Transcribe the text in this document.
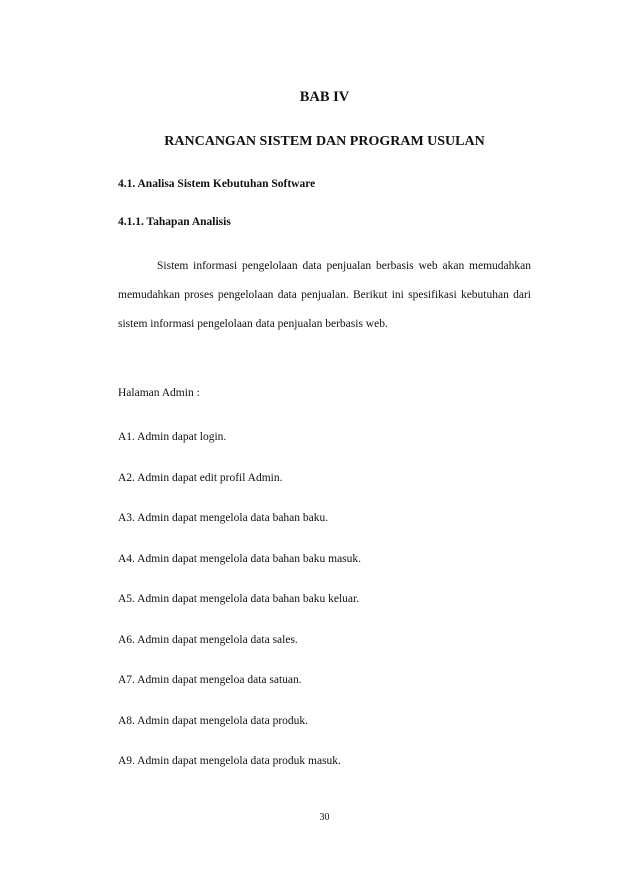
BAB IV
RANCANGAN SISTEM DAN PROGRAM USULAN
4.1. Analisa Sistem Kebutuhan Software
4.1.1. Tahapan Analisis

Sistem informasi pengelolaan data penjualan berbasis web akan memudahkan memudahkan proses pengelolaan data penjualan. Berikut ini spesifikasi kebutuhan dari sistem informasi pengelolaan data penjualan berbasis web.

Halaman Admin :
A1. Admin dapat login.
A2. Admin dapat edit profil Admin.
A3. Admin dapat mengelola data bahan baku.
A4. Admin dapat mengelola data bahan baku masuk.
A5. Admin dapat mengelola data bahan baku keluar.
A6. Admin dapat mengelola data sales.
A7. Admin dapat mengeloa data satuan.
A8. Admin dapat mengelola data produk.
A9. Admin dapat mengelola data produk masuk.
30
